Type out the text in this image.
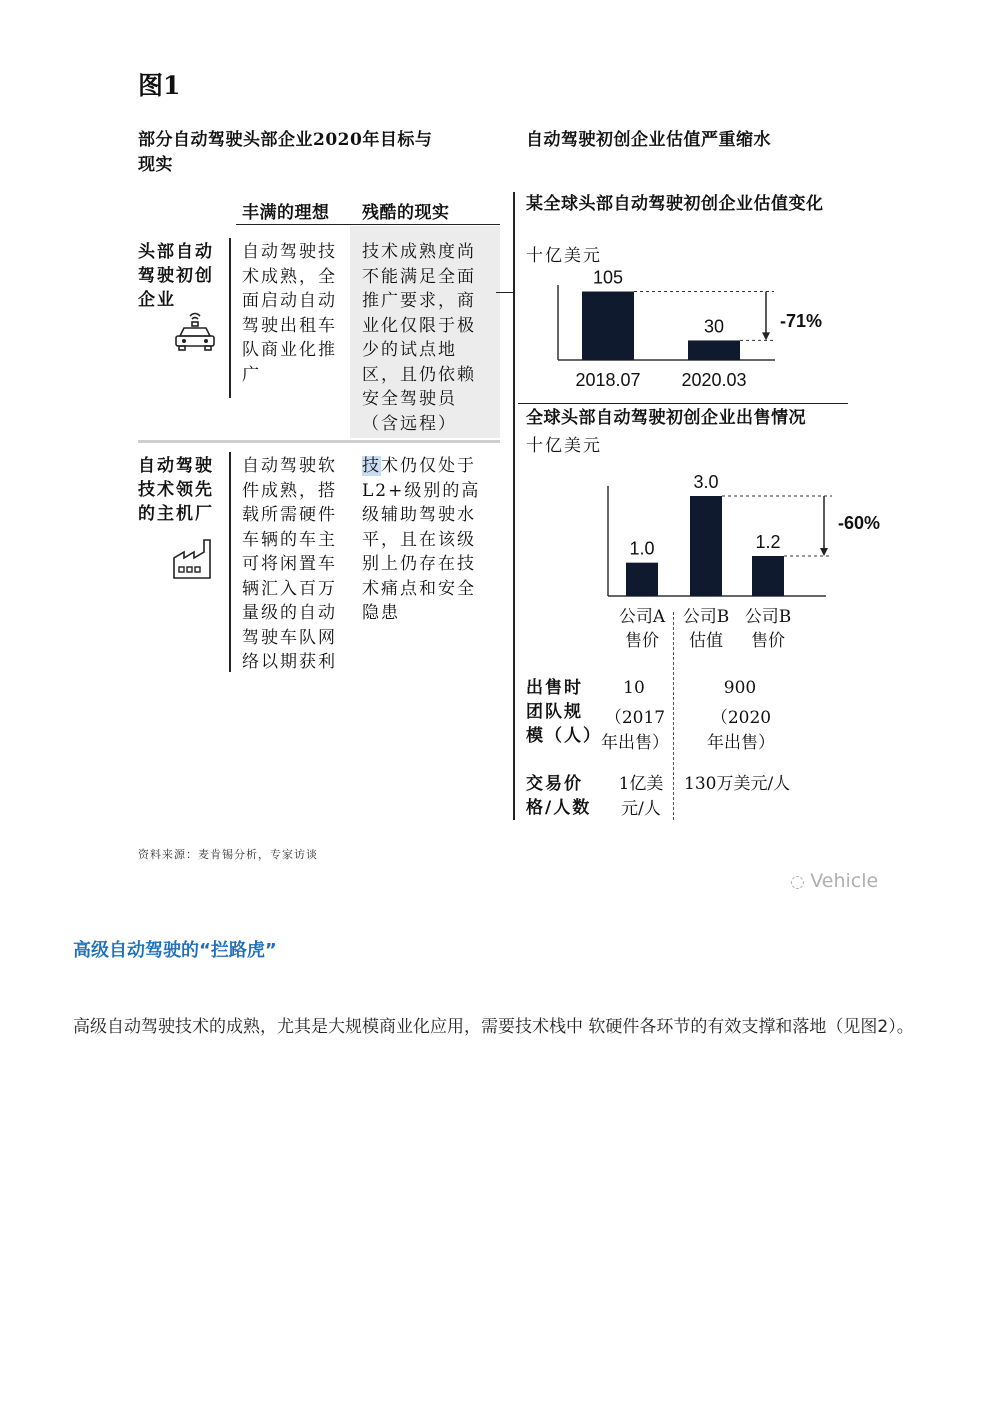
图1
部分自动驾驶头部企业2020年目标与现实
丰满的理想 残酷的现实
头部自动驾驶初创企业
自动驾驶技术成熟，全面启动自动驾驶出租车队商业化推广
技术成熟度尚不能满足全面推广要求，商业化仅限于极少的试点地区，且仍依赖安全驾驶员（含远程）
自动驾驶技术领先的主机厂
自动驾驶软件成熟，搭载所需硬件车辆的车主可将闲置车辆汇入百万量级的自动驾驶车队网络以期获利
技术仍仅处于L2+级别的高级辅助驾驶水平，且在该级别上仍存在技术痛点和安全隐患
自动驾驶初创企业估值严重缩水
某全球头部自动驾驶初创企业估值变化
十亿美元
105
30
2018.07 2020.03
-71%
全球头部自动驾驶初创企业出售情况
十亿美元
1.0
3.0
1.2
公司A
售价
公司B
估值
公司B
售价
-60%
出售时团队规模（人）
10
（2017年出售）
900
（2020年出售）
交易价格/人数
1亿美元/人
130万美元/人
资料来源：麦肯锡分析，专家访谈
◌ Vehicle
高级自动驾驶的“拦路虎”
高级自动驾驶技术的成熟，尤其是大规模商业化应用，需要技术栈中 软硬件各环节的有效支撑和落地（见图2）。
